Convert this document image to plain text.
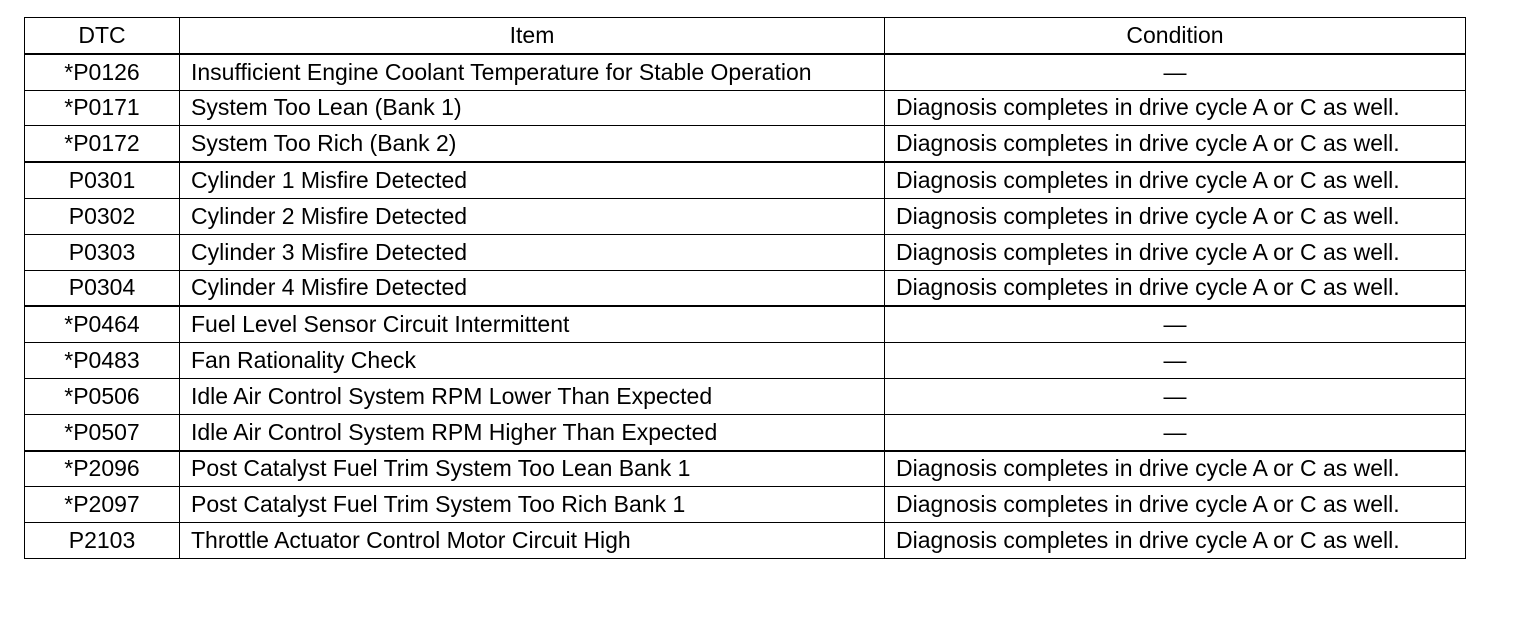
DTC	Item	Condition
*P0126	Insufficient Engine Coolant Temperature for Stable Operation	—
*P0171	System Too Lean (Bank 1)	Diagnosis completes in drive cycle A or C as well.
*P0172	System Too Rich (Bank 2)	Diagnosis completes in drive cycle A or C as well.
P0301	Cylinder 1 Misfire Detected	Diagnosis completes in drive cycle A or C as well.
P0302	Cylinder 2 Misfire Detected	Diagnosis completes in drive cycle A or C as well.
P0303	Cylinder 3 Misfire Detected	Diagnosis completes in drive cycle A or C as well.
P0304	Cylinder 4 Misfire Detected	Diagnosis completes in drive cycle A or C as well.
*P0464	Fuel Level Sensor Circuit Intermittent	—
*P0483	Fan Rationality Check	—
*P0506	Idle Air Control System RPM Lower Than Expected	—
*P0507	Idle Air Control System RPM Higher Than Expected	—
*P2096	Post Catalyst Fuel Trim System Too Lean Bank 1	Diagnosis completes in drive cycle A or C as well.
*P2097	Post Catalyst Fuel Trim System Too Rich Bank 1	Diagnosis completes in drive cycle A or C as well.
P2103	Throttle Actuator Control Motor Circuit High	Diagnosis completes in drive cycle A or C as well.
